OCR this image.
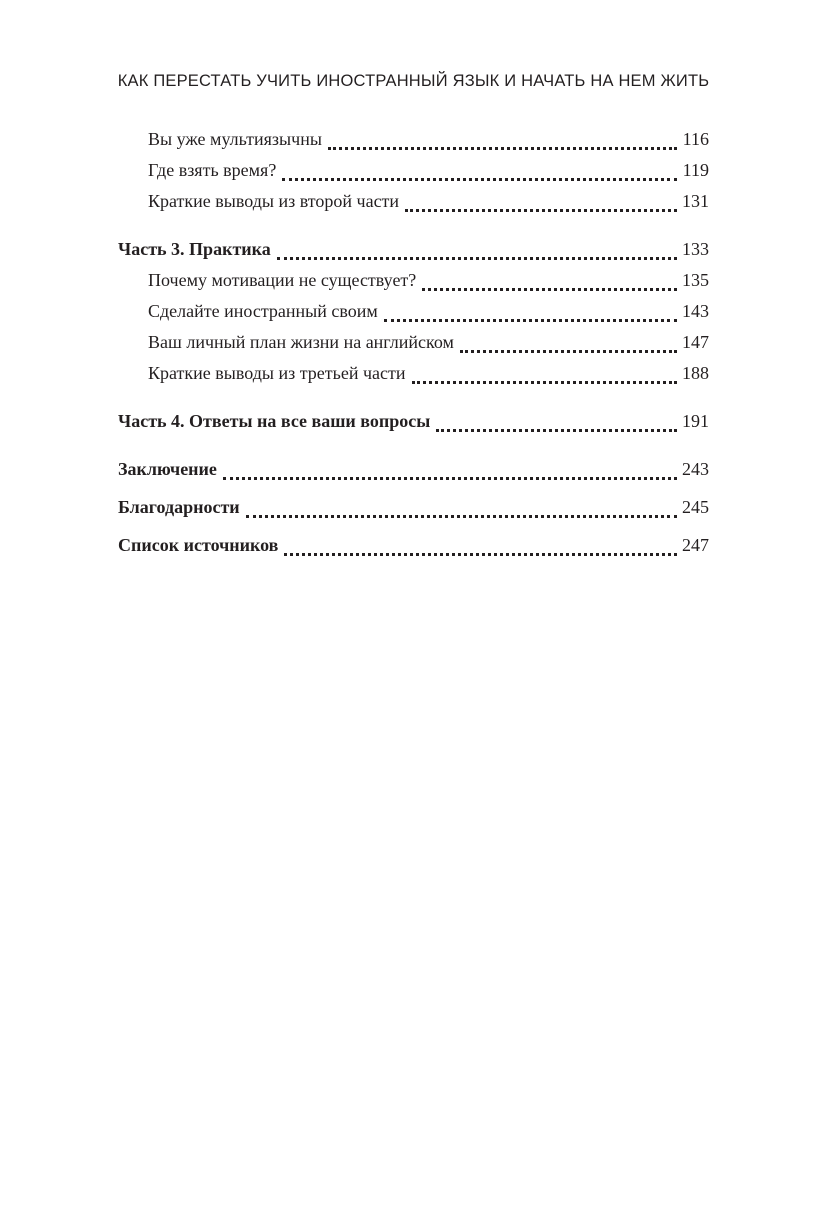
КАК ПЕРЕСТАТЬ УЧИТЬ ИНОСТРАННЫЙ ЯЗЫК И НАЧАТЬ НА НЕМ ЖИТЬ
Вы уже мультиязычны	116
Где взять время?	119
Краткие выводы из второй части	131
Часть 3. Практика	133
Почему мотивации не существует?	135
Сделайте иностранный своим	143
Ваш личный план жизни на английском	147
Краткие выводы из третьей части	188
Часть 4. Ответы на все ваши вопросы	191
Заключение	243
Благодарности	245
Список источников	247
